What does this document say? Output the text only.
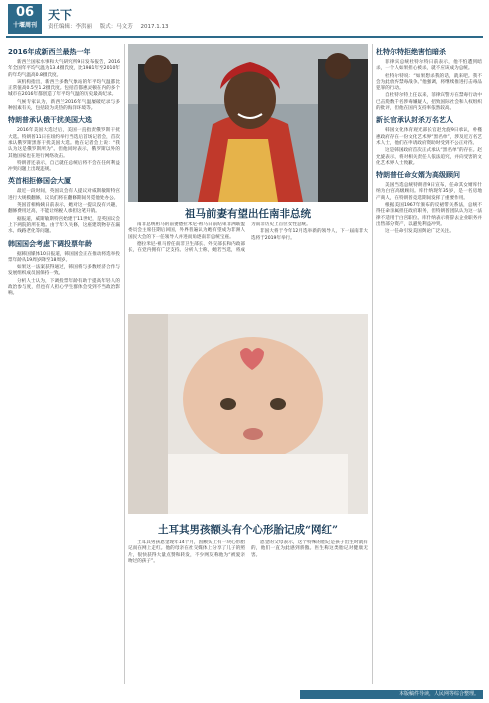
06
十堰周刊
天下
责任编辑：李洪丽 版式：马文芳 2017.1.13
2016年成新西兰最热一年

新西兰国家水事和大气研究所9日发布报告，2016年全国年平均气温为13.4摄氏度，比1981年至2010年的年均气温高0.8摄氏度。

该机构指出，新西兰多数气象站的年平均气温都比正常值高0.5至1.2摄氏度。包括首都惠灵顿在内的多个城市在2016年都创造了年平均气温的历史最高纪录。

气候专家认为，新西兰2016年气温屡破纪录与多种因素有关，包括较为炎热的海洋环境等。

特朗普承认俄干扰美国大选

2016年美国大选过后，美国一直指责俄罗斯干扰大选。特朗普11日在纽约举行当选后首场记者会，首次承认俄罗斯黑客干扰美国大选。他在记者会上说：“我认为这是俄罗斯所为”。但他同时表示，俄罗斯以外的其他国家也在进行网络攻击。

特朗普还表示，自己就任总统后将不会在任何利益冲突问题上出现违规。

英首相拒修国会大厦

最近一段时间，英国议会有人提议对威斯敏斯特宫进行大规模翻修，议员们将在翻修期间另觅他处办公。

英国首相梅姨日前表示，她对这一提议没有兴趣，翻修费用过高，不能让纳税人承担这笔开销。

据报道，威斯敏斯特宫始建于11世纪，是英国议会上下两院的所在地。由于年久失修，这座建筑物存在漏水、线路老化等问题。

韩国国会考虑下调投票年龄

据韩国媒体10日报道，韩国国会正在推动将选举投票年龄从19周岁降至18周岁。

如果这一法案获得通过，韩国将与多数经济合作与发展组织成员国保持一致。

分析人士认为，下调投票年龄有助于提高年轻人的政治参与度，但也有人担心学生群体会受到不当政治影响。

祖马前妻有望出任南非总统

南非总统祖马的前妻德拉米尼-祖马日前结束非洲联盟委员会主席任期后回国，外界普遍认为她有望成为非洲人国民大会的下一任领导人并进而角逐南非总统宝座。

德拉米尼-祖马曾任南非卫生部长、外交部长和内政部长，在党内拥有广泛支持。分析人士称，她若当选，将成为南非历史上首位女性总统。

非国大将于今年12月选举新的领导人，下一届南非大选将于2019年举行。

土耳其男孩额头有个心形胎记成“网红”

土耳其男孩恩金现年14个月，因额头上有一块心形胎记而在网上走红。他的母亲在社交媒体上分享了儿子的照片，很快获得大量点赞和转发，不少网友称他为“被爱亲吻过的孩子”。

恩金的父母表示，这个特殊的胎记是孩子出生时就有的，他们一直为此感到骄傲。医生称这类胎记对健康无害。

杜特尔特拒绝害怕暗杀

菲律宾总统杜特尔特日前表示，他不怕遭到暗杀，一个人如果担心被杀，就不应该成为总统。

杜特尔特说：“如果想杀我的话，就来吧。我不会为此放弃禁毒战争。”他强调，将继续推进打击毒品犯罪的行动。

自杜特尔特上任以来，菲律宾警方在禁毒行动中已击毙数千名涉毒嫌疑人，招致国际社会和人权组织的批评，但他在国内支持率依然较高。

新长官承认封杀万名艺人

韩国文化体育观光部长官赵允旋9日承认，朴槿惠政府存在一份文化艺术界“黑名单”，涉及近万名艺术人士，他们在申请政府资助时受到不公正对待。

这是韩国政府首次正式承认“黑名单”的存在。赵允旋表示，将对相关责任人依法追究，并向受害的文化艺术界人士致歉。

特朗普任命女婿为高级顾问

美国当选总统特朗普9日宣布，任命其女婿库什纳为白宫高级顾问。库什纳现年35岁，是一名房地产商人，在特朗普竞选期间发挥了重要作用。

根据美国1967年颁布的反裙带关系法，总统不得任命亲属担任政府职务，但特朗普团队认为这一法律不适用于白宫职位。库什纳表示将辞去企业职务并出售部分资产，以避免利益冲突。

这一任命引发美国舆论广泛关注。

本版稿件导读，人民网等综合整理。
